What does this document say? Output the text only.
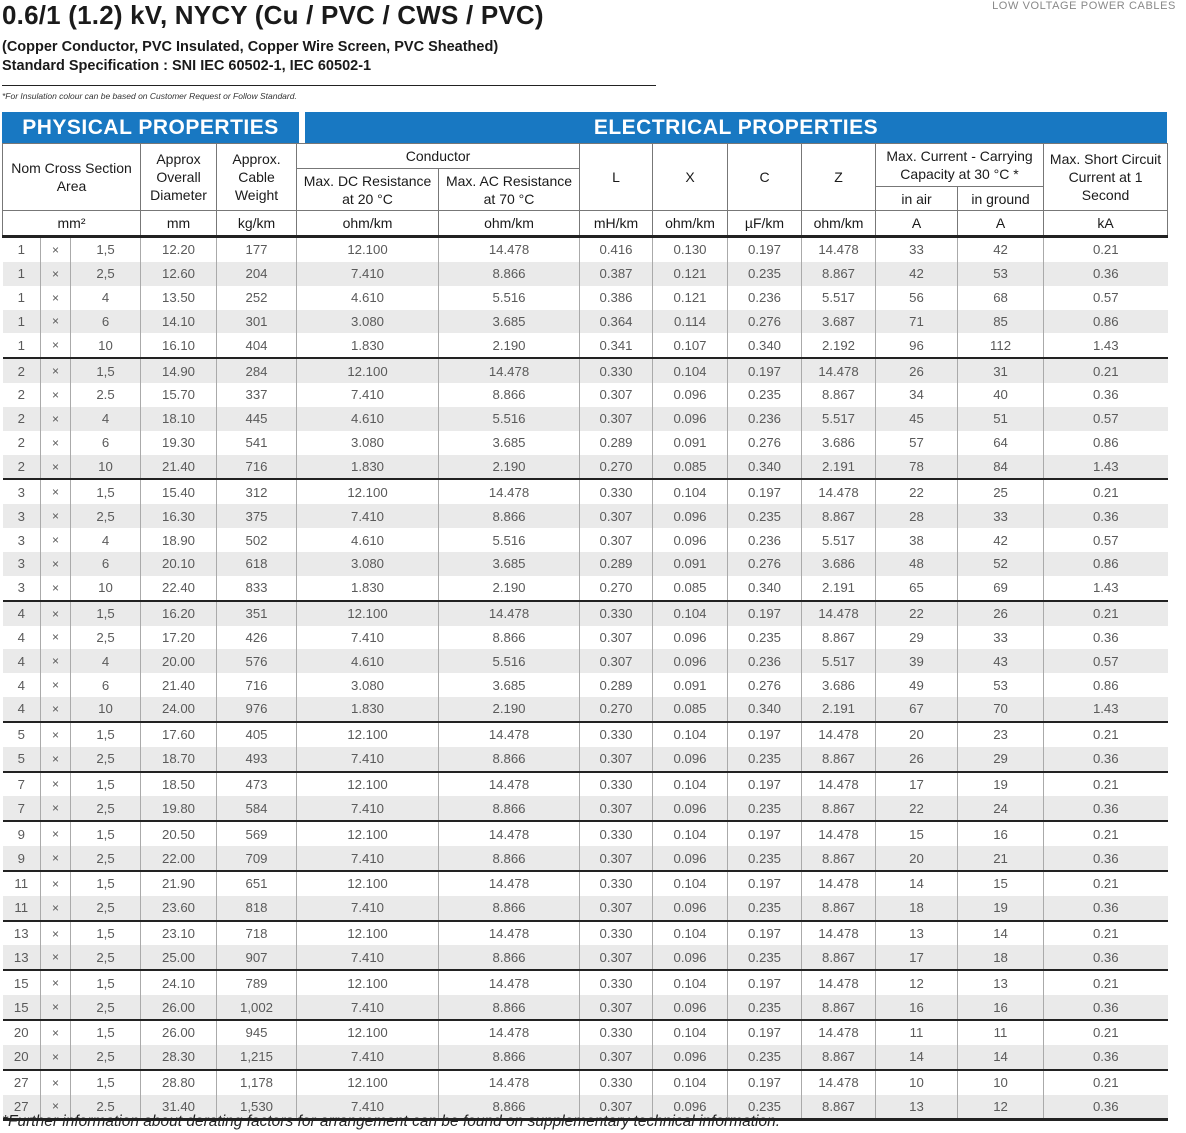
0.6/1 (1.2) kV, NYCY (Cu / PVC / CWS / PVC)	LOW VOLTAGE POWER CABLES
(Copper Conductor, PVC Insulated, Copper Wire Screen, PVC Sheathed)
Standard Specification : SNI IEC 60502-1, IEC 60502-1
*For Insulation colour can be based on Customer Request or Follow Standard.
PHYSICAL PROPERTIES	ELECTRICAL PROPERTIES
Nom Cross Section Area			Approx Overall Diameter	Approx. Cable Weight	Conductor		L	X	C	Z	Max. Current - Carrying Capacity at 30 °C *		Max. Short Circuit Current at 1 Second
					Max. DC Resistance at 20 °C	Max. AC Resistance at 70 °C							
											in air	in ground	
mm²			mm	kg/km	ohm/km	ohm/km	mH/km	ohm/km	µF/km	ohm/km	A	A	kA
1	×	1,5	12.20	177	12.100	14.478	0.416	0.130	0.197	14.478	33	42	0.21
1	×	2,5	12.60	204	7.410	8.866	0.387	0.121	0.235	8.867	42	53	0.36
1	×	4	13.50	252	4.610	5.516	0.386	0.121	0.236	5.517	56	68	0.57
1	×	6	14.10	301	3.080	3.685	0.364	0.114	0.276	3.687	71	85	0.86
1	×	10	16.10	404	1.830	2.190	0.341	0.107	0.340	2.192	96	112	1.43
2	×	1,5	14.90	284	12.100	14.478	0.330	0.104	0.197	14.478	26	31	0.21
2	×	2.5	15.70	337	7.410	8.866	0.307	0.096	0.235	8.867	34	40	0.36
2	×	4	18.10	445	4.610	5.516	0.307	0.096	0.236	5.517	45	51	0.57
2	×	6	19.30	541	3.080	3.685	0.289	0.091	0.276	3.686	57	64	0.86
2	×	10	21.40	716	1.830	2.190	0.270	0.085	0.340	2.191	78	84	1.43
3	×	1,5	15.40	312	12.100	14.478	0.330	0.104	0.197	14.478	22	25	0.21
3	×	2,5	16.30	375	7.410	8.866	0.307	0.096	0.235	8.867	28	33	0.36
3	×	4	18.90	502	4.610	5.516	0.307	0.096	0.236	5.517	38	42	0.57
3	×	6	20.10	618	3.080	3.685	0.289	0.091	0.276	3.686	48	52	0.86
3	×	10	22.40	833	1.830	2.190	0.270	0.085	0.340	2.191	65	69	1.43
4	×	1,5	16.20	351	12.100	14.478	0.330	0.104	0.197	14.478	22	26	0.21
4	×	2,5	17.20	426	7.410	8.866	0.307	0.096	0.235	8.867	29	33	0.36
4	×	4	20.00	576	4.610	5.516	0.307	0.096	0.236	5.517	39	43	0.57
4	×	6	21.40	716	3.080	3.685	0.289	0.091	0.276	3.686	49	53	0.86
4	×	10	24.00	976	1.830	2.190	0.270	0.085	0.340	2.191	67	70	1.43
5	×	1,5	17.60	405	12.100	14.478	0.330	0.104	0.197	14.478	20	23	0.21
5	×	2,5	18.70	493	7.410	8.866	0.307	0.096	0.235	8.867	26	29	0.36
7	×	1,5	18.50	473	12.100	14.478	0.330	0.104	0.197	14.478	17	19	0.21
7	×	2,5	19.80	584	7.410	8.866	0.307	0.096	0.235	8.867	22	24	0.36
9	×	1,5	20.50	569	12.100	14.478	0.330	0.104	0.197	14.478	15	16	0.21
9	×	2,5	22.00	709	7.410	8.866	0.307	0.096	0.235	8.867	20	21	0.36
11	×	1,5	21.90	651	12.100	14.478	0.330	0.104	0.197	14.478	14	15	0.21
11	×	2,5	23.60	818	7.410	8.866	0.307	0.096	0.235	8.867	18	19	0.36
13	×	1,5	23.10	718	12.100	14.478	0.330	0.104	0.197	14.478	13	14	0.21
13	×	2,5	25.00	907	7.410	8.866	0.307	0.096	0.235	8.867	17	18	0.36
15	×	1,5	24.10	789	12.100	14.478	0.330	0.104	0.197	14.478	12	13	0.21
15	×	2,5	26.00	1,002	7.410	8.866	0.307	0.096	0.235	8.867	16	16	0.36
20	×	1,5	26.00	945	12.100	14.478	0.330	0.104	0.197	14.478	11	11	0.21
20	×	2,5	28.30	1,215	7.410	8.866	0.307	0.096	0.235	8.867	14	14	0.36
27	×	1,5	28.80	1,178	12.100	14.478	0.330	0.104	0.197	14.478	10	10	0.21
27	×	2.5	31.40	1,530	7.410	8.866	0.307	0.096	0.235	8.867	13	12	0.36
*Further information about derating factors for arrangement can be found on supplementary technical information.
